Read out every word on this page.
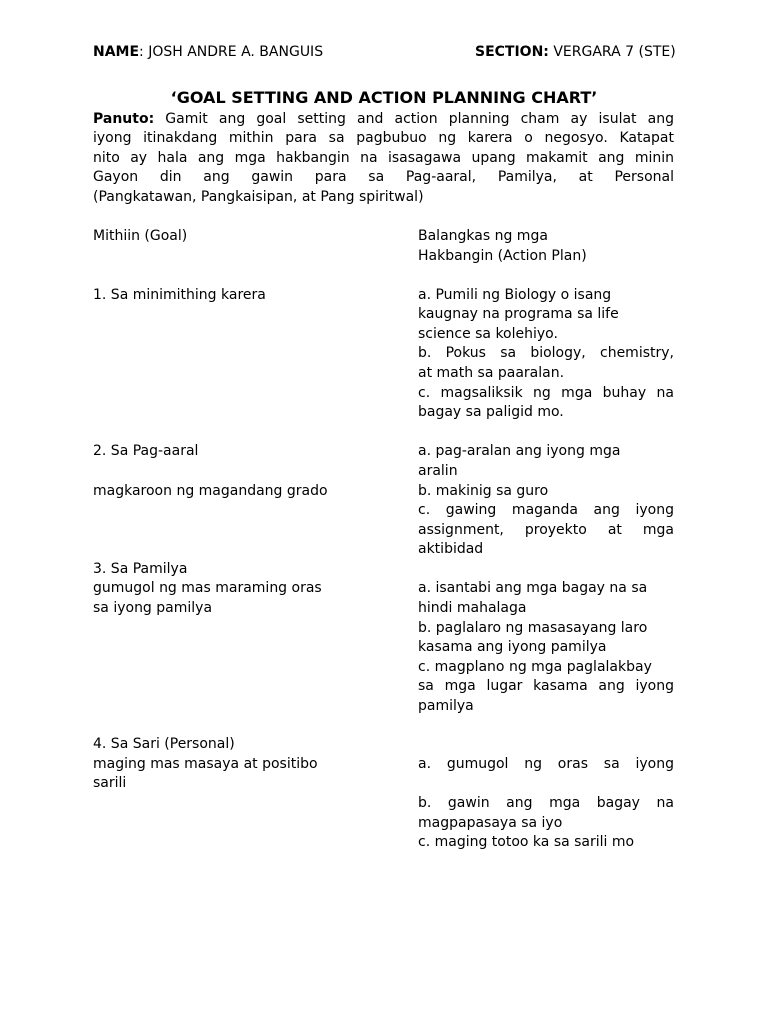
NAME: JOSH ANDRE A. BANGUIS	SECTION: VERGARA 7 (STE)
‘GOAL SETTING AND ACTION PLANNING CHART’
Panuto: Gamit ang goal setting and action planning cham ay isulat ang
iyong itinakdang mithin para sa pagbubuo ng karera o negosyo. Katapat
nito ay hala ang mga hakbangin na isasagawa upang makamit ang minin
Gayon din ang gawin para sa Pag-aaral, Pamilya, at Personal
(Pangkatawan, Pangkaisipan, at Pang spiritwal)
Mithiin (Goal)	Balangkas ng mga
Hakbangin (Action Plan)
1. Sa minimithing karera
2. Sa Pag-aaral
magkaroon ng magandang grado
3. Sa Pamilya
gumugol ng mas maraming oras
sa iyong pamilya
4. Sa Sari (Personal)
maging mas masaya at positibo
sarili
a. Pumili ng Biology o isang
kaugnay na programa sa life
science sa kolehiyo.
b. Pokus sa biology, chemistry,
at math sa paaralan.
c. magsaliksik ng mga buhay na
bagay sa paligid mo.
a. pag-aralan ang iyong mga
aralin
b. makinig sa guro
c. gawing maganda ang iyong
assignment, proyekto at mga
aktibidad
a. isantabi ang mga bagay na sa
hindi mahalaga
b. paglalaro ng masasayang laro
kasama ang iyong pamilya
c. magplano ng mga paglalakbay
sa mga lugar kasama ang iyong
pamilya
a. gumugol ng oras sa iyong
b. gawin ang mga bagay na
magpapasaya sa iyo
c. maging totoo ka sa sarili mo
